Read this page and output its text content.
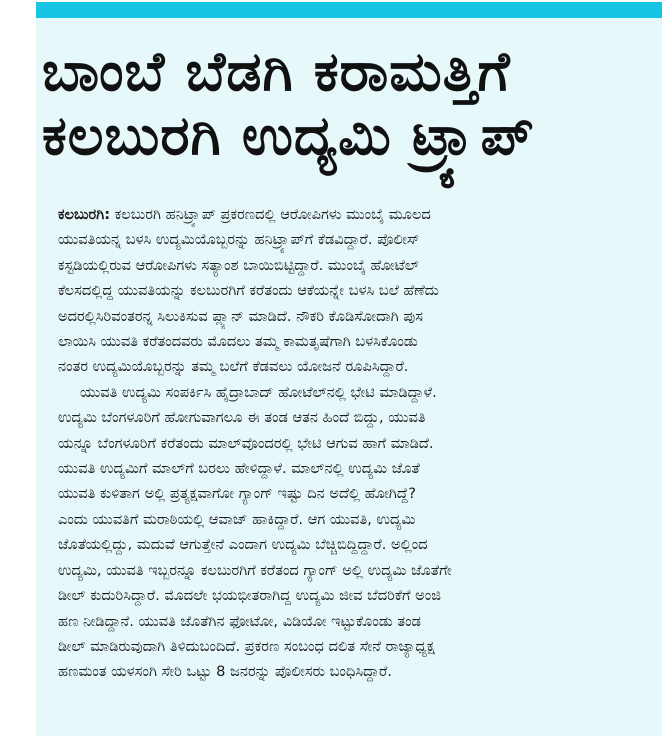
ಬಾಂಬೆ ಬೆಡಗಿ ಕರಾಮತ್ತಿಗೆ
ಕಲಬುರಗಿ ಉದ್ಯಮಿ ಟ್ರ್ಯಾಪ್
ಕಲಬುರಗಿ: ಕಲಬುರಗಿ ಹನಿಟ್ರ್ಯಾಪ್ ಪ್ರಕರಣದಲ್ಲಿ ಆರೋಪಿಗಳು ಮುಂಬೈ ಮೂಲದ
ಯುವತಿಯನ್ನ ಬಳಸಿ ಉದ್ಯಮಿಯೊಬ್ಬರನ್ನು ಹನಿಟ್ರ್ಯಾಪ್‌ಗೆ ಕೆಡವಿದ್ದಾರೆ. ಪೊಲೀಸ್
ಕಸ್ಟಡಿಯಲ್ಲಿರುವ ಆರೋಪಿಗಳು ಸತ್ಯಾಂಶ ಬಾಯಿಬಿಟ್ಟಿದ್ದಾರೆ. ಮುಂಬೈ ಹೋಟೆಲ್
ಕೆಲಸದಲ್ಲಿದ್ದ ಯುವತಿಯನ್ನು ಕಲಬುರಗಿಗೆ ಕರೆತಂದು ಆಕೆಯನ್ನೇ ಬಳಸಿ ಬಲೆ ಹೆಣೆದು
ಅದರಲ್ಲಿಸಿರಿವಂತರನ್ನ ಸಿಲುಕಿಸುವ ಪ್ಲ್ಯಾನ್ ಮಾಡಿದೆ. ನೌಕರಿ ಕೊಡಿಸೋದಾಗಿ ಪುಸ
ಲಾಯಿಸಿ ಯುವತಿ ಕರೆತಂದವರು ಮೊದಲು ತಮ್ಮ ಕಾಮತೃಷೆಗಾಗಿ ಬಳಸಿಕೊಂಡು
ನಂತರ ಉದ್ಯಮಿಯೊಬ್ಬರನ್ನು ತಮ್ಮ ಬಲೆಗೆ ಕೆಡವಲು ಯೋಜನೆ ರೂಪಿಸಿದ್ದಾರೆ.
ಯುವತಿ ಉದ್ಯಮಿ ಸಂಪರ್ಕಿಸಿ ಹೈದ್ರಾಬಾದ್ ಹೋಟೆಲ್‌ನಲ್ಲಿ ಭೇಟಿ ಮಾಡಿದ್ದಾಳೆ.
ಉದ್ಯಮಿ ಬೆಂಗಳೂರಿಗೆ ಹೋಗುವಾಗಲೂ ಈ ತಂಡ ಆತನ ಹಿಂದೆ ಬಿದ್ದು, ಯುವತಿ
ಯನ್ನೂ ಬೆಂಗಳೂರಿಗೆ ಕರೆತಂದು ಮಾಲ್‌ವೊಂದರಲ್ಲಿ ಭೇಟಿ ಆಗುವ ಹಾಗೆ ಮಾಡಿದೆ.
ಯುವತಿ ಉದ್ಯಮಿಗೆ ಮಾಲ್‌ಗೆ ಬರಲು ಹೇಳಿದ್ದಾಳೆ. ಮಾಲ್‌ನಲ್ಲಿ ಉದ್ಯಮಿ ಜೊತೆ
ಯುವತಿ ಕುಳಿತಾಗ ಅಲ್ಲಿ ಪ್ರತ್ಯಕ್ಷವಾಗೋ ಗ್ಯಾಂಗ್ ಇಷ್ಟು ದಿನ ಅದೆಲ್ಲಿ ಹೋಗಿದ್ದೆ?
ಎಂದು ಯುವತಿಗೆ ಮರಾಠಿಯಲ್ಲಿ ಆವಾಜ್ ಹಾಕಿದ್ದಾರೆ. ಆಗ ಯುವತಿ, ಉದ್ಯಮಿ
ಜೊತೆಯಲ್ಲಿದ್ದು, ಮದುವೆ ಆಗುತ್ತೇನೆ ಎಂದಾಗ ಉದ್ಯಮಿ ಬೆಚ್ಚಿಬಿದ್ದಿದ್ದಾರೆ. ಅಲ್ಲಿಂದ
ಉದ್ಯಮಿ, ಯುವತಿ ಇಬ್ಬರನ್ನೂ ಕಲಬುರಗಿಗೆ ಕರೆತಂದ ಗ್ಯಾಂಗ್ ಅಲ್ಲಿ ಉದ್ಯಮಿ ಜೊತೆಗೇ
ಡೀಲ್ ಕುದುರಿಸಿದ್ದಾರೆ. ಮೊದಲೇ ಭಯಭೀತರಾಗಿದ್ದ ಉದ್ಯಮಿ ಜೀವ ಬೆದರಿಕೆಗೆ ಅಂಜಿ
ಹಣ ನೀಡಿದ್ದಾನೆ. ಯುವತಿ ಜೊತೆಗಿನ ಫೋಟೋ, ವಿಡಿಯೋ ಇಟ್ಟುಕೊಂಡು ತಂಡ
ಡೀಲ್ ಮಾಡಿರುವುದಾಗಿ ತಿಳಿದುಬಂದಿದೆ. ಪ್ರಕರಣ ಸಂಬಂಧ ದಲಿತ ಸೇನೆ ರಾಜ್ಯಾಧ್ಯಕ್ಷ
ಹಣಮಂತ ಯಳಸಂಗಿ ಸೇರಿ ಒಟ್ಟು 8 ಜನರನ್ನು ಪೊಲೀಸರು ಬಂಧಿಸಿದ್ದಾರೆ.
